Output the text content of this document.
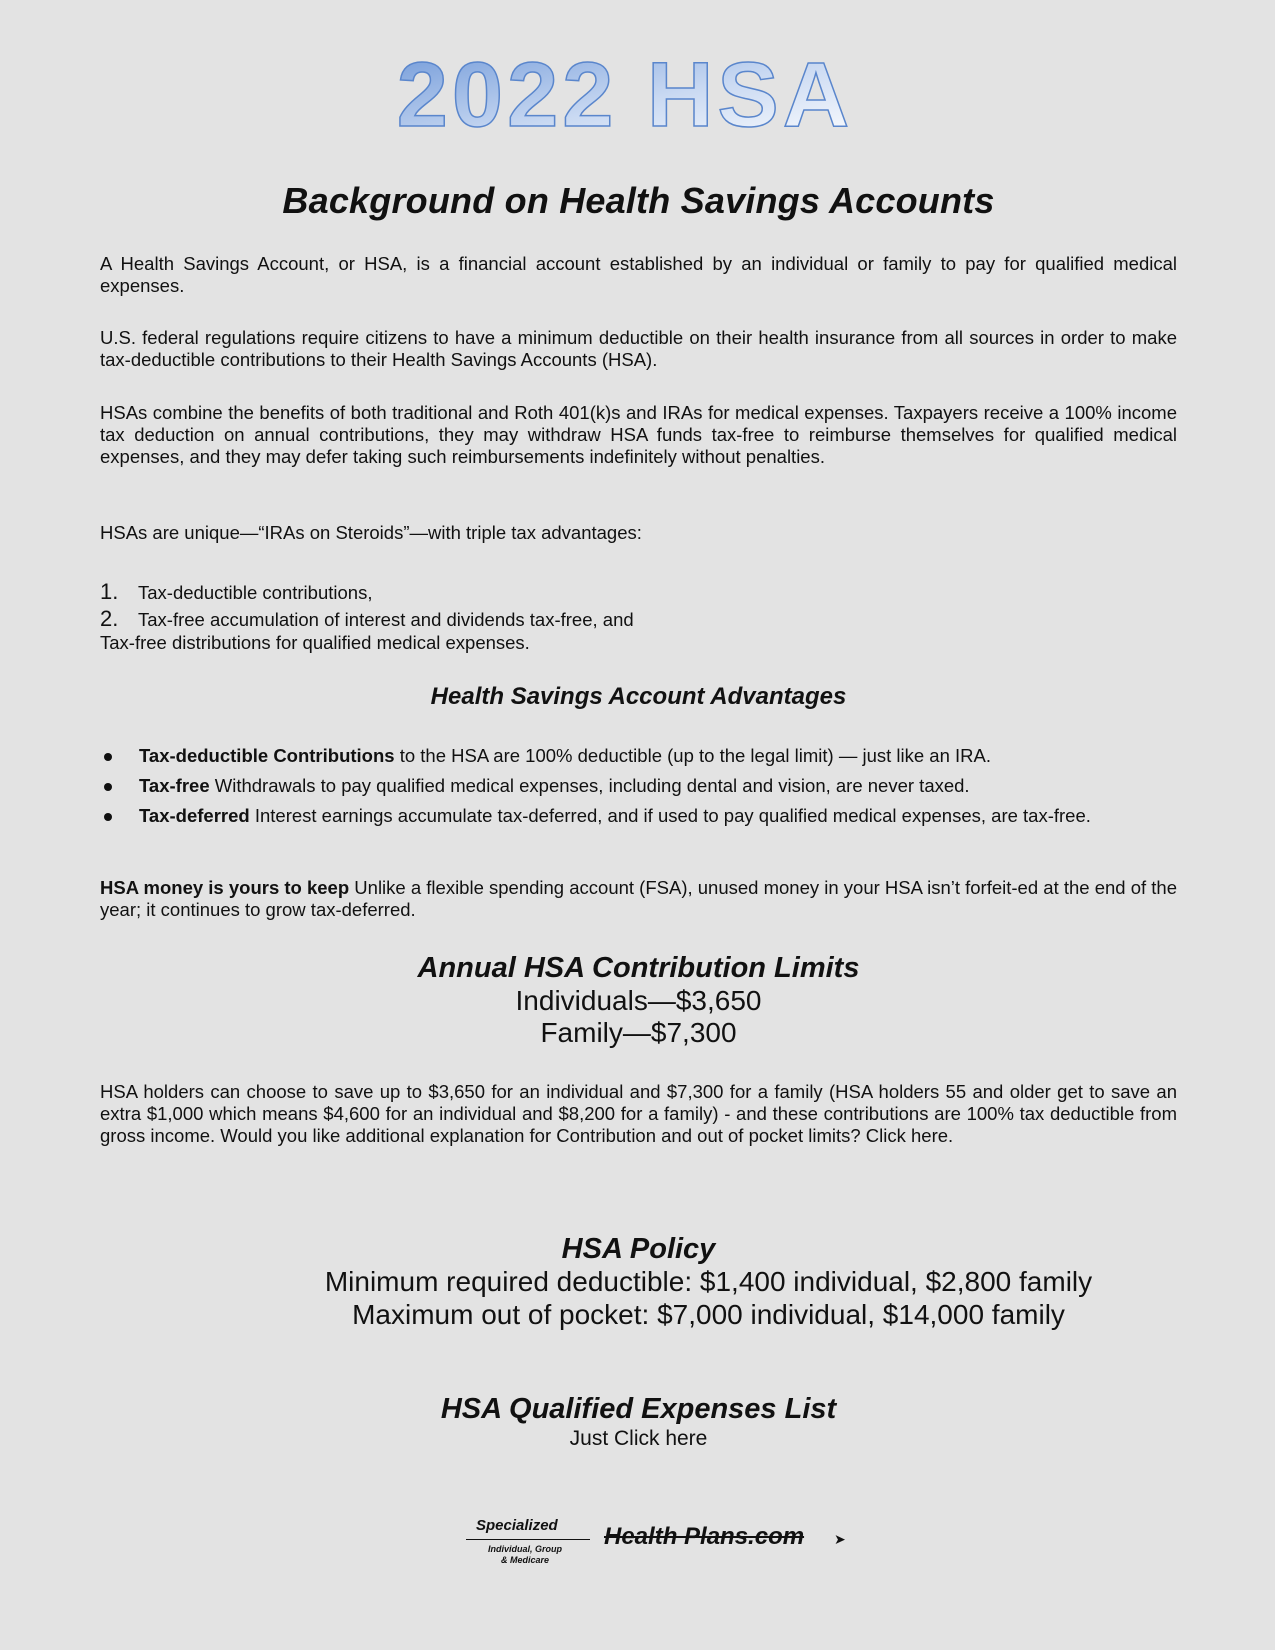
2022 HSA
Background on Health Savings Accounts

A Health Savings Account, or HSA, is a financial account established by an individual or family to pay for qualified medical expenses.

U.S. federal regulations require citizens to have a minimum deductible on their health insurance from all sources in order to make tax-deductible contributions to their Health Savings Accounts (HSA).

HSAs combine the benefits of both traditional and Roth 401(k)s and IRAs for medical expenses. Taxpayers receive a 100% income tax deduction on annual contributions, they may withdraw HSA funds tax-free to reimburse themselves for qualified medical expenses, and they may defer taking such reimbursements indefinitely without penalties.

HSAs are unique—“IRAs on Steroids”—with triple tax advantages:

1. Tax-deductible contributions,
2. Tax-free accumulation of interest and dividends tax-free, and
Tax-free distributions for qualified medical expenses.
Health Savings Account Advantages
Tax-deductible Contributions to the HSA are 100% deductible (up to the legal limit) — just like an IRA.
Tax-free Withdrawals to pay qualified medical expenses, including dental and vision, are never taxed.
Tax-deferred Interest earnings accumulate tax-deferred, and if used to pay qualified medical expenses, are tax-free.

HSA money is yours to keep Unlike a flexible spending account (FSA), unused money in your HSA isn’t forfeit-ed at the end of the year; it continues to grow tax-deferred.

Annual HSA Contribution Limits

Individuals—$3,650

Family—$7,300

HSA holders can choose to save up to $3,650 for an individual and $7,300 for a family (HSA holders 55 and older get to save an extra $1,000 which means $4,600 for an individual and $8,200 for a family) - and these contributions are 100% tax deductible from gross income. Would you like additional explanation for Contribution and out of pocket limits? Click here.

HSA Policy

Minimum required deductible: $1,400 individual, $2,800 family

Maximum out of pocket: $7,000 individual, $14,000 family

HSA Qualified Expenses List
Just Click here
Specialized
Individual, Group
& Medicare
Health Plans.com ➤
